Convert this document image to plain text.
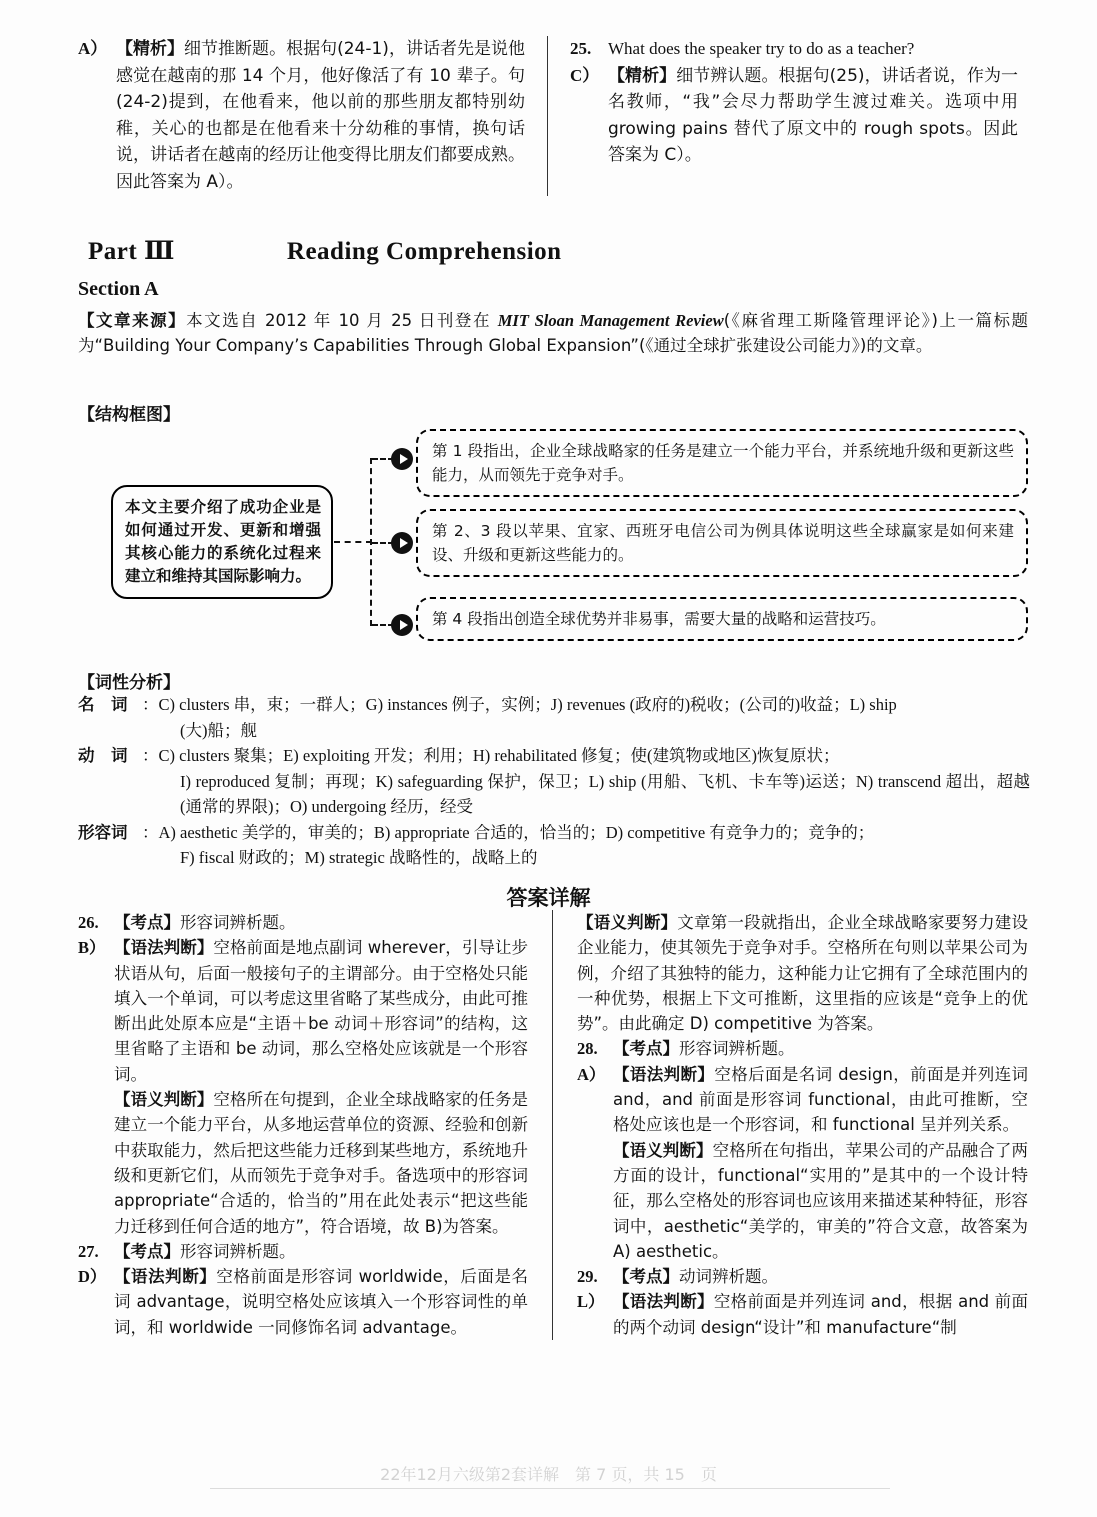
A） 【精析】细节推断题。根据句(24-1)，讲话者先是说他感觉在越南的那 14 个月，他好像活了有 10 辈子。句(24-2)提到，在他看来，他以前的那些朋友都特别幼稚，关心的也都是在他看来十分幼稚的事情，换句话说，讲话者在越南的经历让他变得比朋友们都要成熟。因此答案为 A）。
25. What does the speaker try to do as a teacher?
C） 【精析】细节辨认题。根据句(25)，讲话者说，作为一名教师，“我”会尽力帮助学生渡过难关。选项中用 growing pains 替代了原文中的 rough spots。因此答案为 C）。
Part Ⅲ	Reading Comprehension
Section A
【文章来源】本文选自 2012 年 10 月 25 日刊登在 MIT Sloan Management Review(《麻省理工斯隆管理评论》)上一篇标题为“Building Your Company’s Capabilities Through Global Expansion”(《通过全球扩张建设公司能力》)的文章。
【结构框图】
本文主要介绍了成功企业是如何通过开发、更新和增强其核心能力的系统化过程来建立和维持其国际影响力。
第 1 段指出，企业全球战略家的任务是建立一个能力平台，并系统地升级和更新这些能力，从而领先于竞争对手。
第 2、3 段以苹果、宜家、西班牙电信公司为例具体说明这些全球赢家是如何来建设、升级和更新这些能力的。
第 4 段指出创造全球优势并非易事，需要大量的战略和运营技巧。
【词性分析】
名　词 ：C) clusters 串，束；一群人；G) instances 例子，实例；J) revenues (政府的)税收；(公司的)收益；L) ship
(大)船；舰
动　词 ：C) clusters 聚集；E) exploiting 开发；利用；H) rehabilitated 修复；使(建筑物或地区)恢复原状；
I) reproduced 复制；再现；K) safeguarding 保护，保卫；L) ship (用船、飞机、卡车等)运送；N) transcend 超出，超越(通常的界限)；O) undergoing 经历，经受
形容词 ：A) aesthetic 美学的，审美的；B) appropriate 合适的，恰当的；D) competitive 有竞争力的；竞争的；
F) fiscal 财政的；M) strategic 战略性的，战略上的
答案详解
26. 【考点】形容词辨析题。
B） 【语法判断】空格前面是地点副词 wherever，引导让步状语从句，后面一般接句子的主谓部分。由于空格处只能填入一个单词，可以考虑这里省略了某些成分，由此可推断出此处原本应是“主语＋be 动词＋形容词”的结构，这里省略了主语和 be 动词，那么空格处应该就是一个形容词。
【语义判断】空格所在句提到，企业全球战略家的任务是建立一个能力平台，从多地运营单位的资源、经验和创新中获取能力，然后把这些能力迁移到某些地方，系统地升级和更新它们，从而领先于竞争对手。备选项中的形容词 appropriate“合适的，恰当的”用在此处表示“把这些能力迁移到任何合适的地方”，符合语境，故 B)为答案。
27. 【考点】形容词辨析题。
D） 【语法判断】空格前面是形容词 worldwide，后面是名词 advantage，说明空格处应该填入一个形容词性的单词，和 worldwide 一同修饰名词 advantage。
【语义判断】文章第一段就指出，企业全球战略家要努力建设企业能力，使其领先于竞争对手。空格所在句则以苹果公司为例，介绍了其独特的能力，这种能力让它拥有了全球范围内的一种优势，根据上下文可推断，这里指的应该是“竞争上的优势”。由此确定 D) competitive 为答案。
28. 【考点】形容词辨析题。
A） 【语法判断】空格后面是名词 design，前面是并列连词 and，and 前面是形容词 functional，由此可推断，空格处应该也是一个形容词，和 functional 呈并列关系。
【语义判断】空格所在句指出，苹果公司的产品融合了两方面的设计，functional“实用的”是其中的一个设计特征，那么空格处的形容词也应该用来描述某种特征，形容词中，aesthetic“美学的，审美的”符合文意，故答案为 A) aesthetic。
29. 【考点】动词辨析题。
L） 【语法判断】空格前面是并列连词 and，根据 and 前面的两个动词 design“设计”和 manufacture“制
22年12月六级第2套详解　第 7 页，共 15　页
